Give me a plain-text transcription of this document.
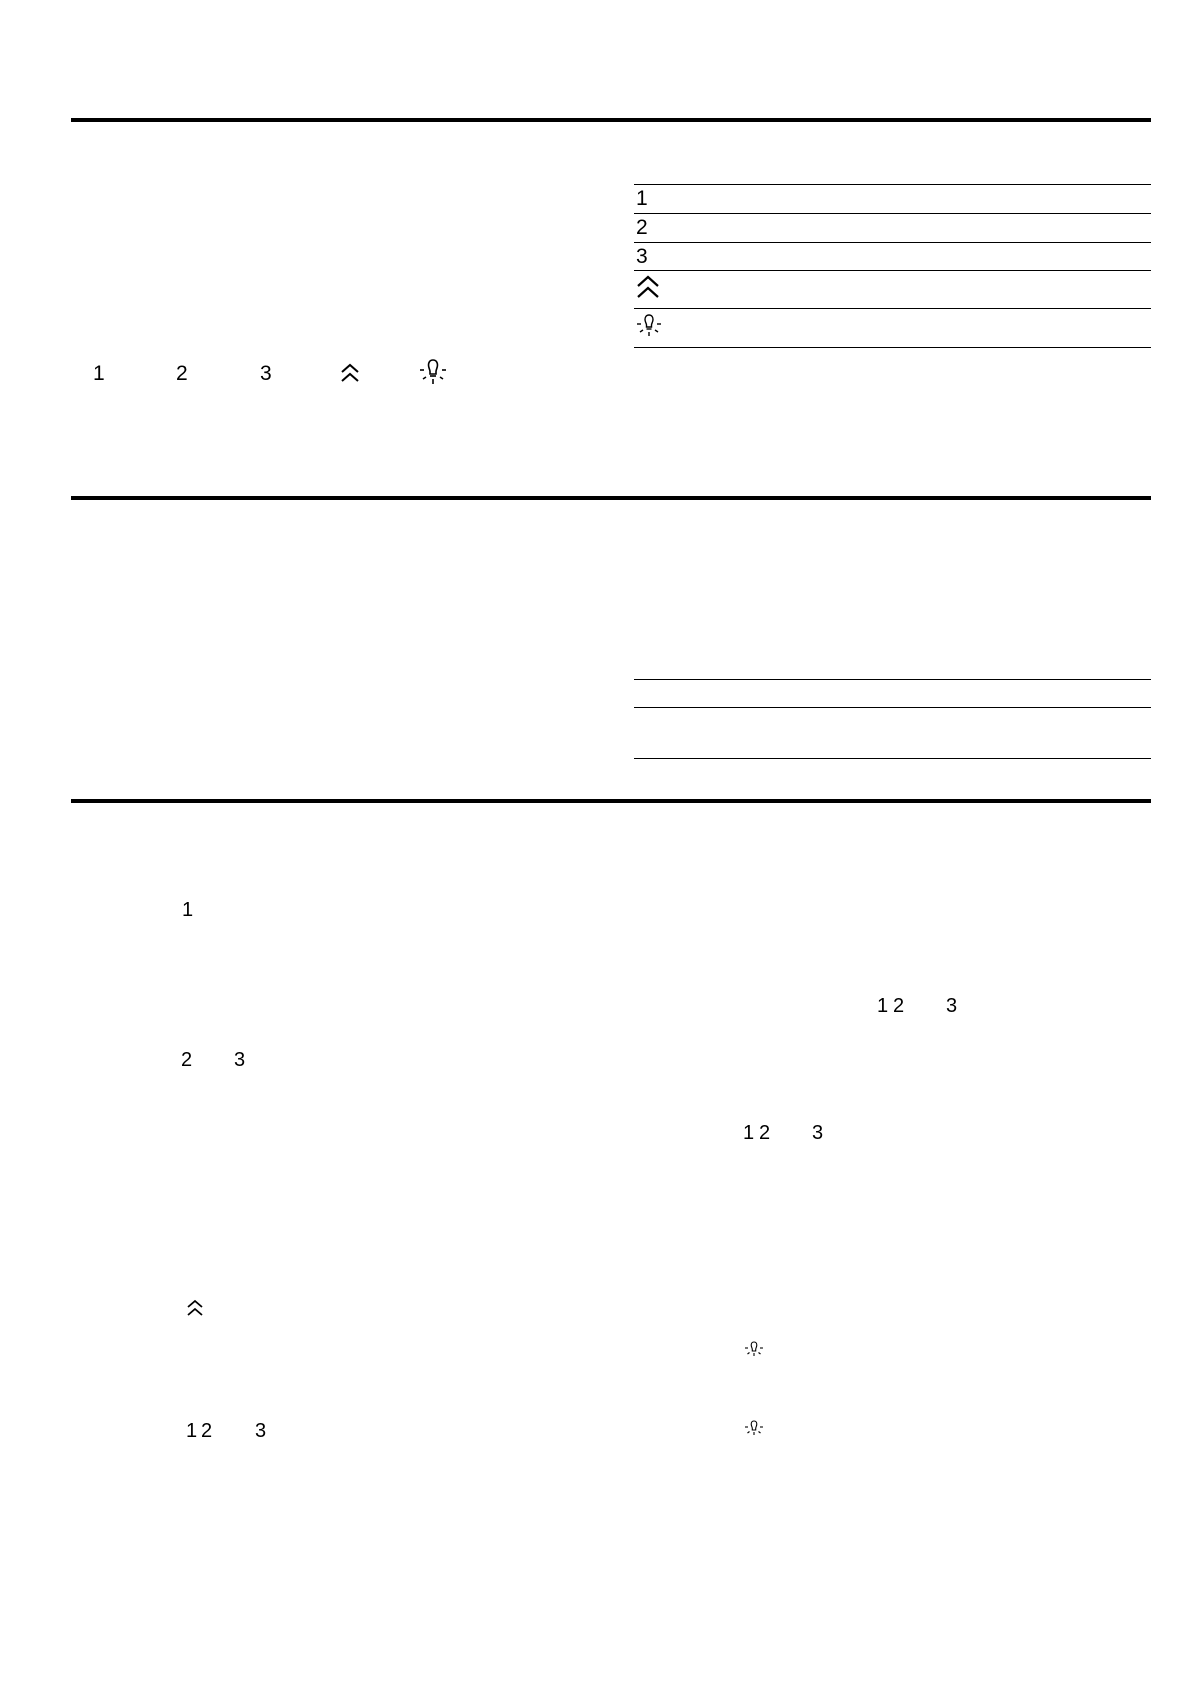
1
2
3
1	2	3
1
2 3
1 2 3
1 2 3
1 2 3
